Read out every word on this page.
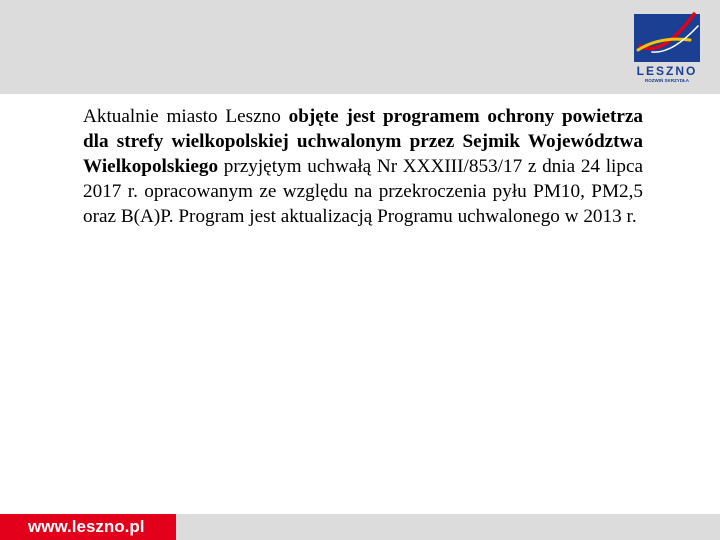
LESZNO
ROZWIŃ SKRZYDŁA

Aktualnie miasto Leszno objęte jest programem ochrony powietrza dla strefy wielkopolskiej uchwalonym przez Sejmik Województwa Wielkopolskiego przyjętym uchwałą Nr XXXIII/853/17 z dnia 24 lipca 2017 r. opracowanym ze względu na przekroczenia pyłu PM10, PM2,5 oraz B(A)P. Program jest aktualizacją Programu uchwalonego w 2013 r.

www.leszno.pl
